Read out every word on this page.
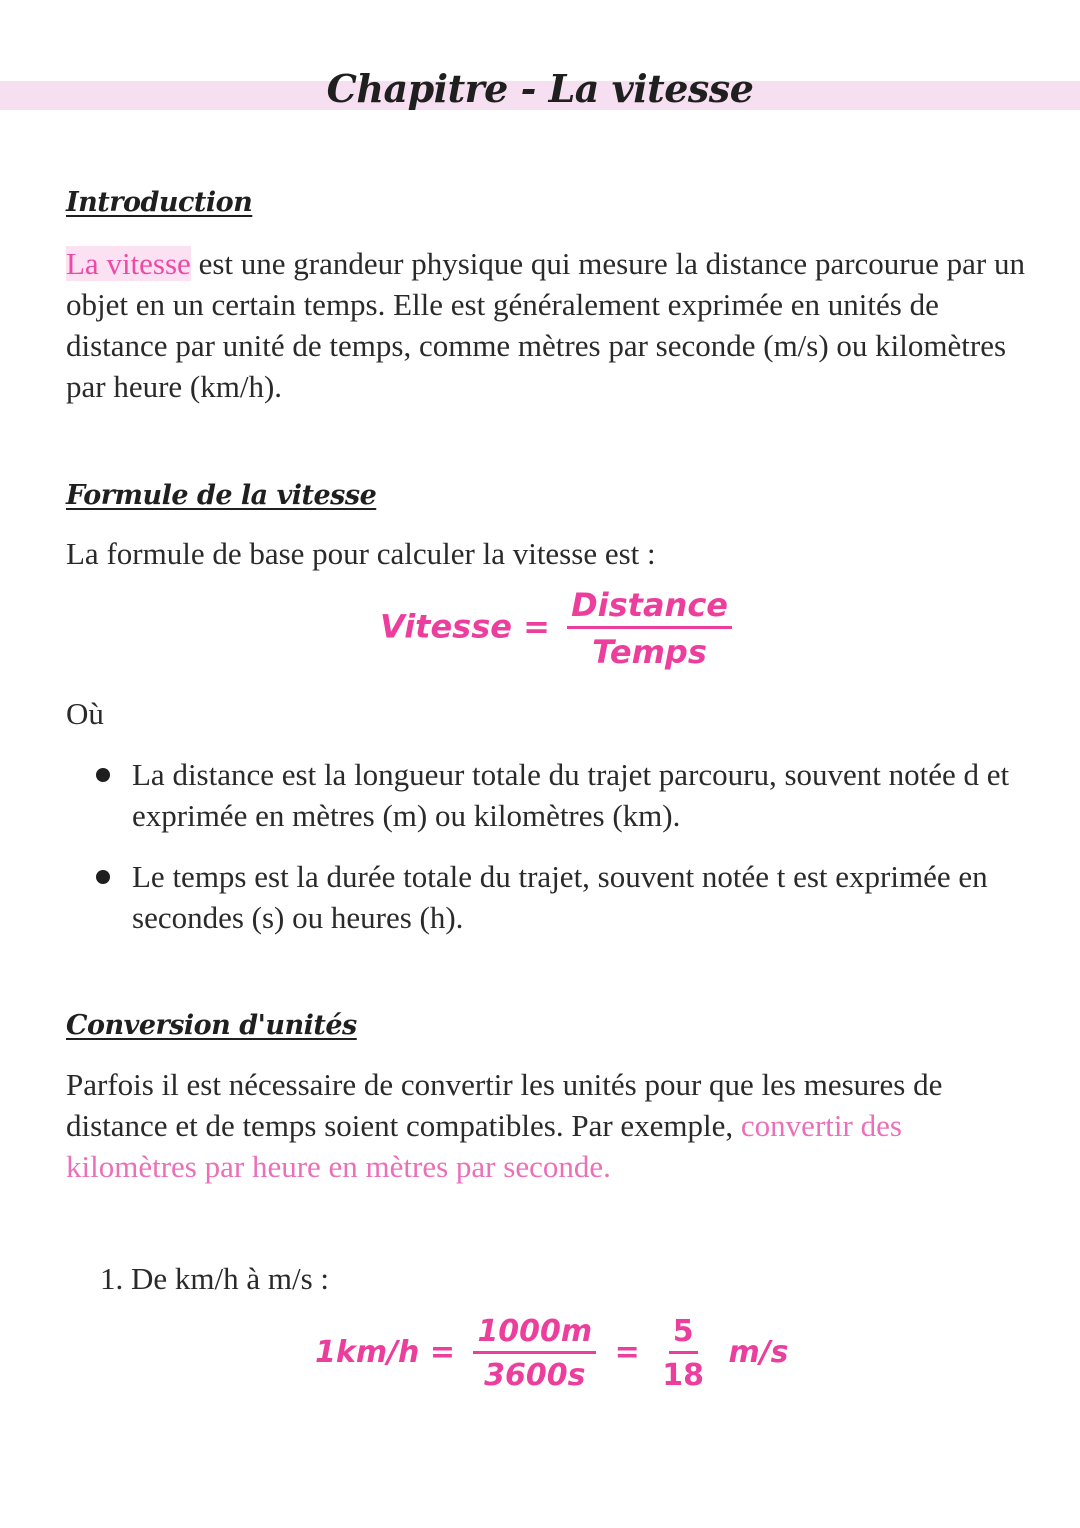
Chapitre - La vitesse
Introduction
La vitesse est une grandeur physique qui mesure la distance parcourue par un objet en un certain temps. Elle est généralement exprimée en unités de distance par unité de temps, comme mètres par seconde (m/s) ou kilomètres par heure (km/h).
Formule de la vitesse
La formule de base pour calculer la vitesse est :
Vitesse = $\frac{\text{Distance}}{\text{Temps}}$
Où
La distance est la longueur totale du trajet parcouru, souvent notée d et exprimée en mètres (m) ou kilomètres (km).
Le temps est la durée totale du trajet, souvent notée t est exprimée en secondes (s) ou heures (h).
Conversion d'unités
Parfois il est nécessaire de convertir les unités pour que les mesures de distance et de temps soient compatibles. Par exemple, convertir des kilomètres par heure en mètres par seconde.
1. De km/h à m/s :
$1km/h = \frac{1000m}{3600s} = \frac{5}{18} m/s$
